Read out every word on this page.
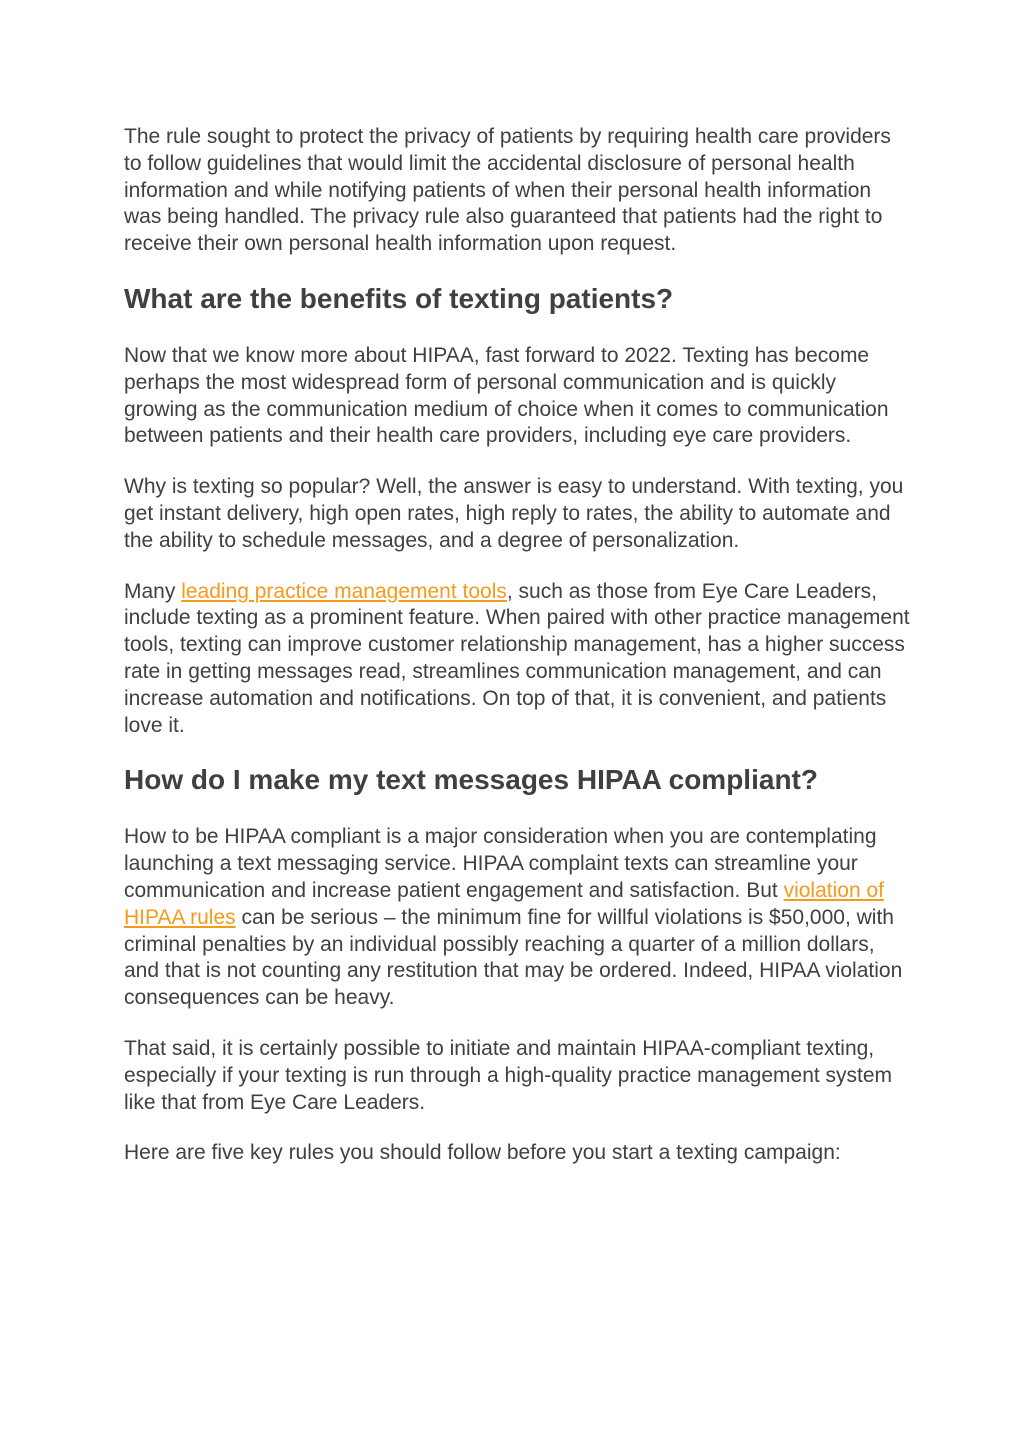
The rule sought to protect the privacy of patients by requiring health care providers to follow guidelines that would limit the accidental disclosure of personal health information and while notifying patients of when their personal health information was being handled. The privacy rule also guaranteed that patients had the right to receive their own personal health information upon request.

What are the benefits of texting patients?

Now that we know more about HIPAA, fast forward to 2022. Texting has become perhaps the most widespread form of personal communication and is quickly growing as the communication medium of choice when it comes to communication between patients and their health care providers, including eye care providers.

Why is texting so popular? Well, the answer is easy to understand. With texting, you get instant delivery, high open rates, high reply to rates, the ability to automate and the ability to schedule messages, and a degree of personalization.

Many leading practice management tools, such as those from Eye Care Leaders, include texting as a prominent feature. When paired with other practice management tools, texting can improve customer relationship management, has a higher success rate in getting messages read, streamlines communication management, and can increase automation and notifications. On top of that, it is convenient, and patients love it.

How do I make my text messages HIPAA compliant?

How to be HIPAA compliant is a major consideration when you are contemplating launching a text messaging service. HIPAA complaint texts can streamline your communication and increase patient engagement and satisfaction. But violation of HIPAA rules can be serious – the minimum fine for willful violations is $50,000, with criminal penalties by an individual possibly reaching a quarter of a million dollars, and that is not counting any restitution that may be ordered. Indeed, HIPAA violation consequences can be heavy.

That said, it is certainly possible to initiate and maintain HIPAA-compliant texting, especially if your texting is run through a high-quality practice management system like that from Eye Care Leaders.

Here are five key rules you should follow before you start a texting campaign:
